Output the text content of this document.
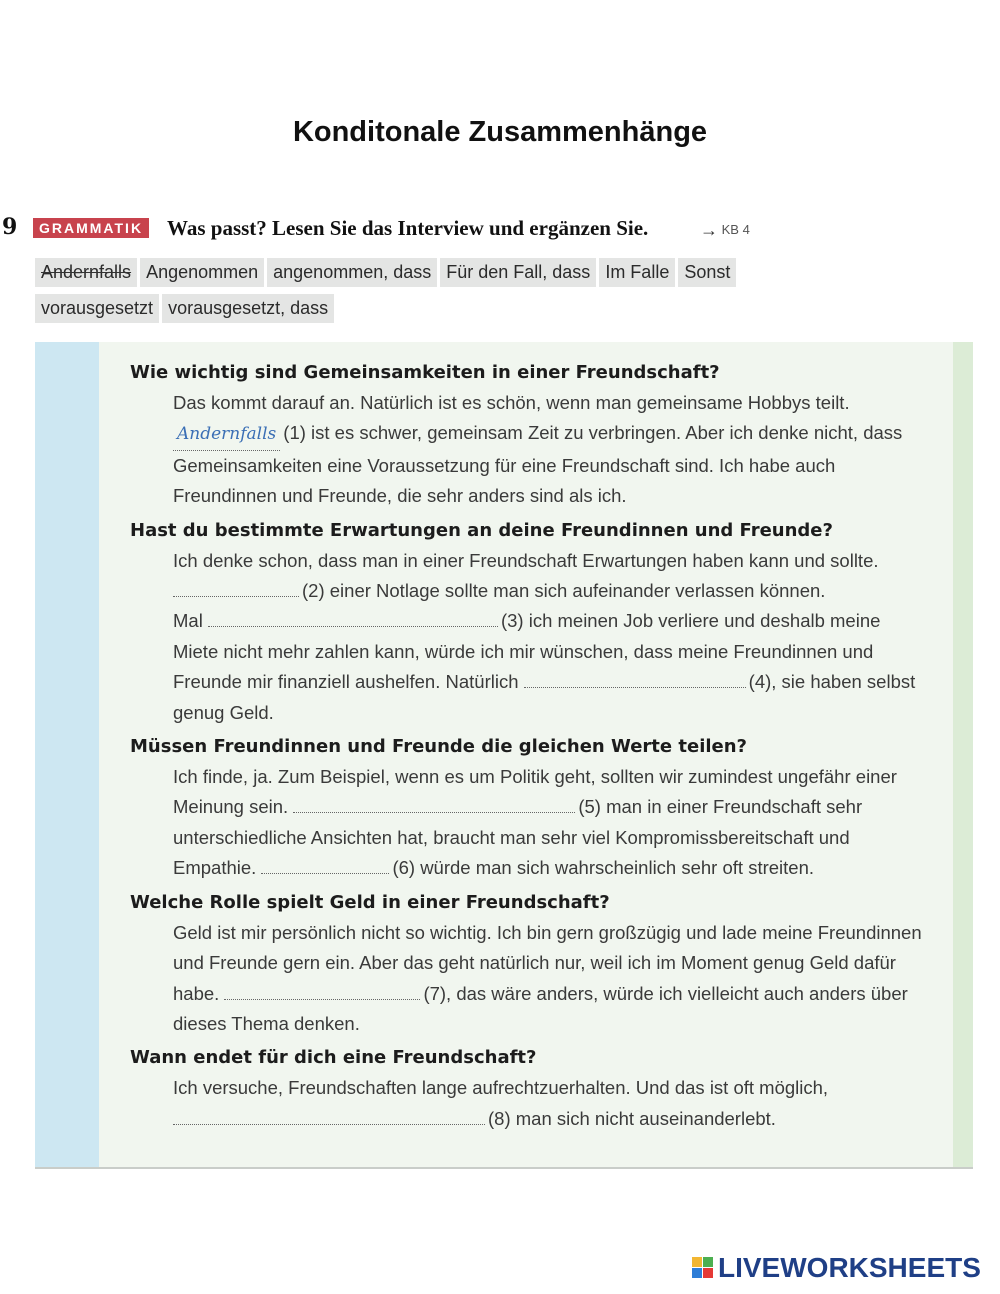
Konditonale Zusammenhänge
9	GRAMMATIK Was passt? Lesen Sie das Interview und ergänzen Sie.	→ KB 4
Andernfalls Angenommen angenommen, dass Für den Fall, dass Im Falle Sonst
vorausgesetzt vorausgesetzt, dass

Wie wichtig sind Gemeinsamkeiten in einer Freundschaft?

Das kommt darauf an. Natürlich ist es schön, wenn man gemeinsame Hobbys teilt. Andernfalls (1) ist es schwer, gemeinsam Zeit zu verbringen. Aber ich denke nicht, dass Gemeinsamkeiten eine Voraussetzung für eine Freundschaft sind. Ich habe auch Freundinnen und Freunde, die sehr anders sind als ich.

Hast du bestimmte Erwartungen an deine Freundinnen und Freunde?

Ich denke schon, dass man in einer Freundschaft Erwartungen haben kann und sollte.
(2) einer Notlage sollte man sich aufeinander verlassen können.
Mal	(3) ich meinen Job verliere und deshalb meine Miete nicht mehr zahlen kann, würde ich mir wünschen, dass meine Freundinnen und Freunde mir finanziell aushelfen. Natürlich	(4), sie haben selbst genug Geld.

Müssen Freundinnen und Freunde die gleichen Werte teilen?

Ich finde, ja. Zum Beispiel, wenn es um Politik geht, sollten wir zumindest ungefähr einer Meinung sein.	(5) man in einer Freundschaft sehr unterschiedliche Ansichten hat, braucht man sehr viel Kompromissbereitschaft und Empathie.	(6) würde man sich wahrscheinlich sehr oft streiten.

Welche Rolle spielt Geld in einer Freundschaft?

Geld ist mir persönlich nicht so wichtig. Ich bin gern großzügig und lade meine Freundinnen und Freunde gern ein. Aber das geht natürlich nur, weil ich im Moment genug Geld dafür habe.	(7), das wäre anders, würde ich vielleicht auch anders über dieses Thema denken.

Wann endet für dich eine Freundschaft?

Ich versuche, Freundschaften lange aufrechtzuerhalten. Und das ist oft möglich,
(8) man sich nicht auseinanderlebt.

LIVEWORKSHEETS
